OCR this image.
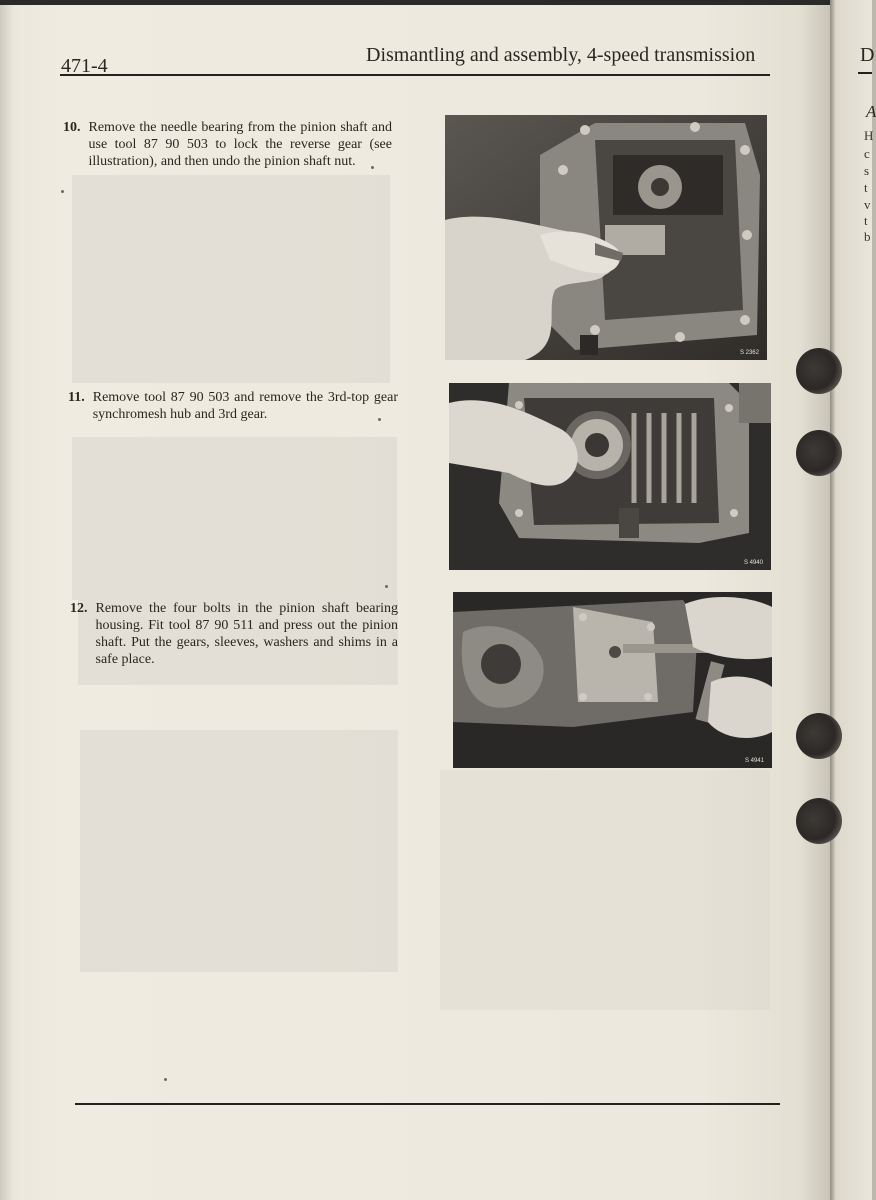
D
A
H
c
s
t
v
t
b
471-4	Dismantling and assembly, 4-speed transmission
10. Remove the needle bearing from the pinion shaft and use tool 87 90 503 to lock the reverse gear (see illustration), and then undo the pinion shaft nut.
11. Remove tool 87 90 503 and remove the 3rd-top gear synchromesh hub and 3rd gear.
12. Remove the four bolts in the pinion shaft bearing housing. Fit tool 87 90 511 and press out the pinion shaft. Put the gears, sleeves, washers and shims in a safe place.
S 2362
S 4940
S 4941
